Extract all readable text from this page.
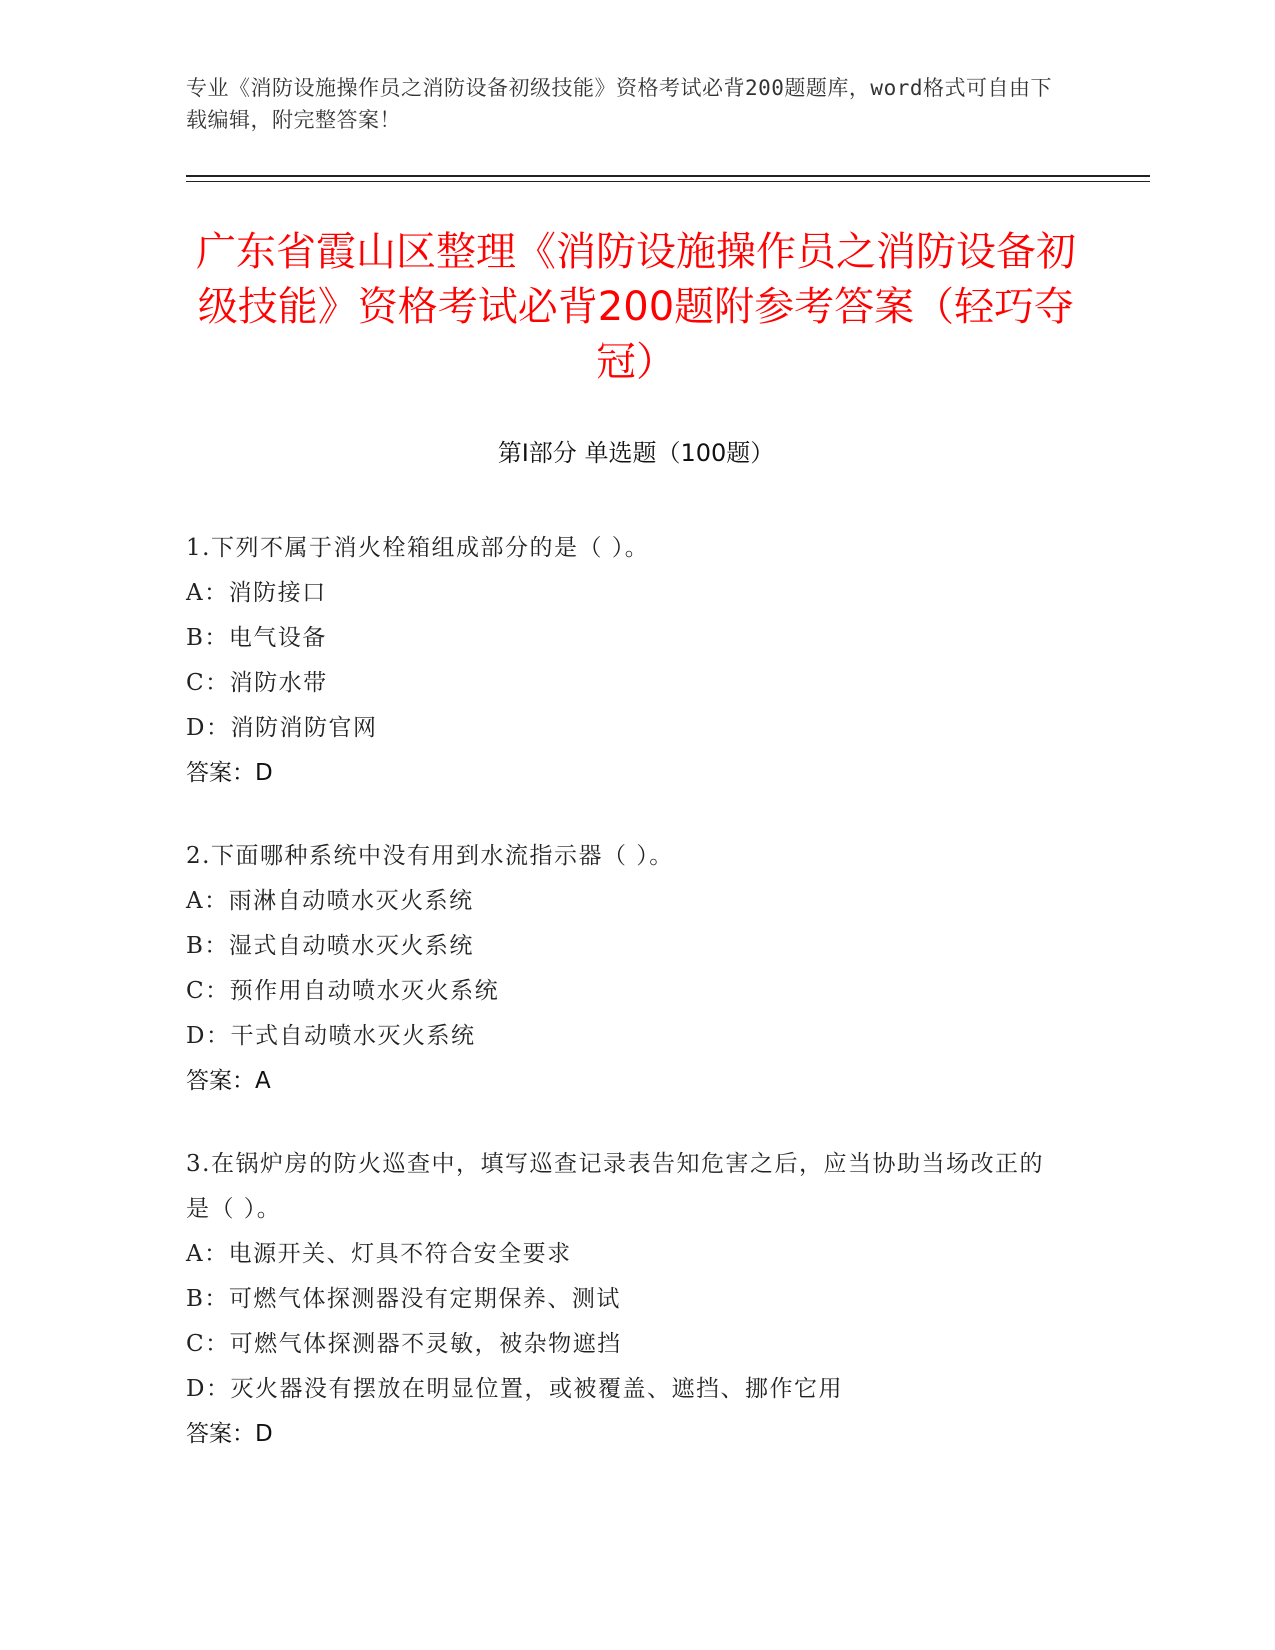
专业《消防设施操作员之消防设备初级技能》资格考试必背200题题库，word格式可自由下载编辑，附完整答案！
广东省霞山区整理《消防设施操作员之消防设备初级技能》资格考试必背200题附参考答案（轻巧夺冠）
第Ⅰ部分 单选题（100题）
1.下列不属于消火栓箱组成部分的是（ ）。
A：消防接口
B：电气设备
C：消防水带
D：消防消防官网
答案：D
2.下面哪种系统中没有用到水流指示器（ ）。
A：雨淋自动喷水灭火系统
B：湿式自动喷水灭火系统
C：预作用自动喷水灭火系统
D：干式自动喷水灭火系统
答案：A
3.在锅炉房的防火巡查中，填写巡查记录表告知危害之后，应当协助当场改正的是（ ）。
A：电源开关、灯具不符合安全要求
B：可燃气体探测器没有定期保养、测试
C：可燃气体探测器不灵敏，被杂物遮挡
D：灭火器没有摆放在明显位置，或被覆盖、遮挡、挪作它用
答案：D
